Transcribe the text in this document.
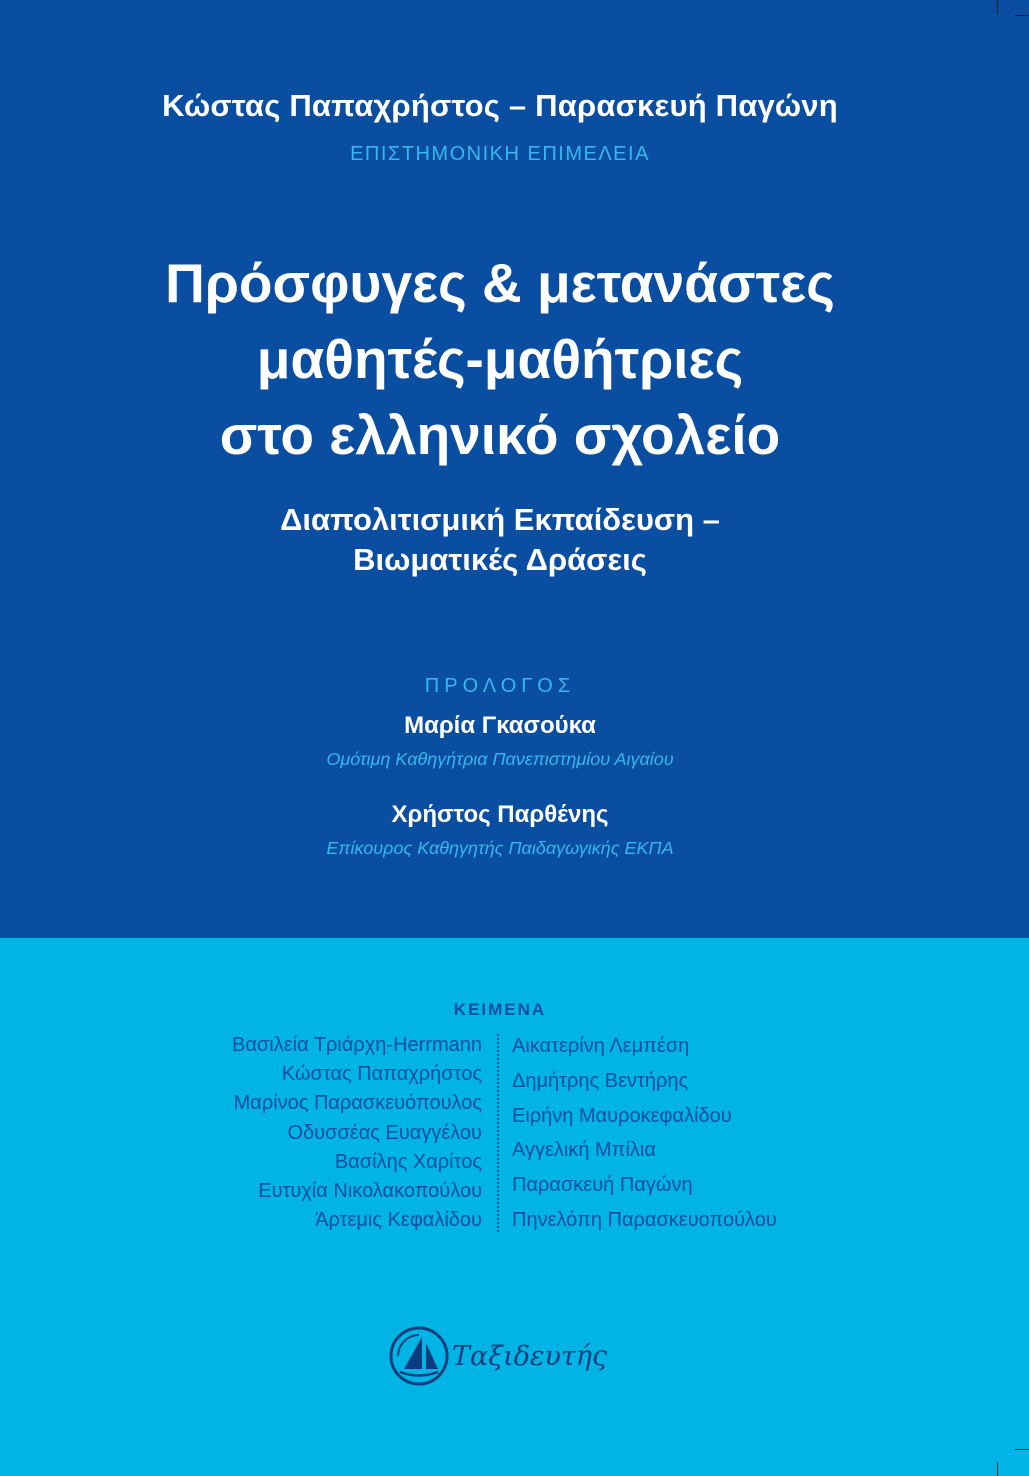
Κώστας Παπαχρήστος – Παρασκευή Παγώνη
ΕΠΙΣΤΗΜΟΝΙΚΗ ΕΠΙΜΕΛΕΙΑ
Πρόσφυγες & μετανάστες
μαθητές-μαθήτριες
στο ελληνικό σχολείο
Διαπολιτισμική Εκπαίδευση –
Βιωματικές Δράσεις
ΠΡΟΛΟΓΟΣ
Μαρία Γκασούκα
Ομότιμη Καθηγήτρια Πανεπιστημίου Αιγαίου
Χρήστος Παρθένης
Επίκουρος Καθηγητής Παιδαγωγικής ΕΚΠΑ
ΚΕΙΜΕΝΑ
Βασιλεία Τριάρχη-Herrmann
Κώστας Παπαχρήστος
Μαρίνος Παρασκευόπουλος
Οδυσσέας Ευαγγέλου
Βασίλης Χαρίτος
Ευτυχία Νικολακοπούλου
Άρτεμις Κεφαλίδου
Αικατερίνη Λεμπέση
Δημήτρης Βεντήρης
Ειρήνη Μαυροκεφαλίδου
Αγγελική Μπίλια
Παρασκευή Παγώνη
Πηνελόπη Παρασκευοπούλου
Ταξιδευτής
